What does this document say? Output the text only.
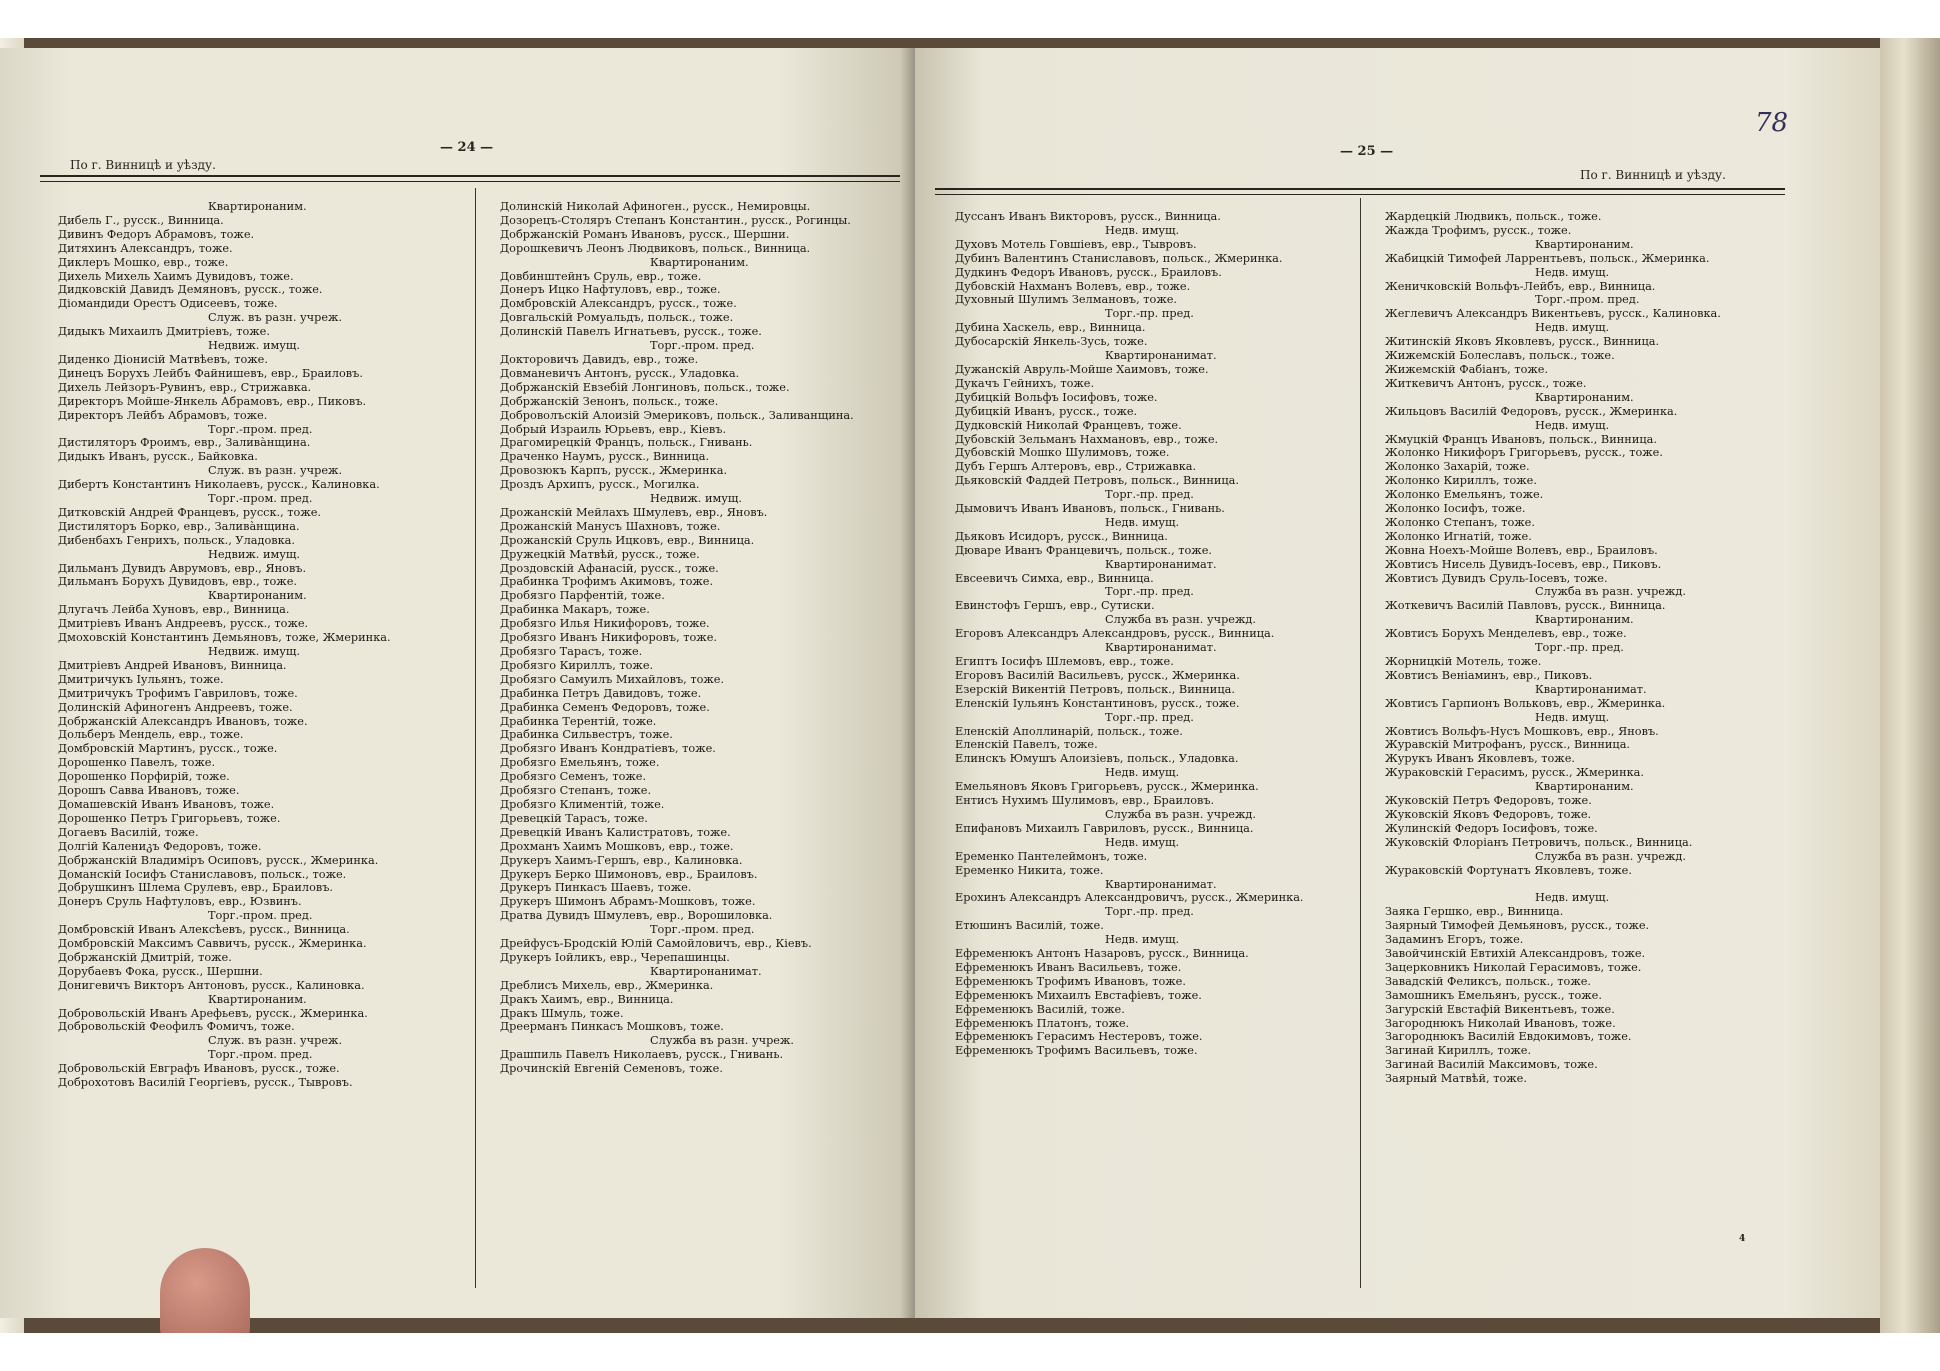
По г. Винницѣ и уѣзду.
— 24 —
Квартиронаним.
Дибель Г., русск., Винница.
Дивинъ Федоръ Абрамовъ, тоже.
Дитяхинъ Александръ, тоже.
Диклеръ Мошко, евр., тоже.
Дихель Михель Хаимъ Дувидовъ, тоже.
Дидковскій Давидъ Демяновъ, русск., тоже.
Діомандиди Орестъ Одисеевъ, тоже.
Служ. въ разн. учреж.
Дидыкъ Михаилъ Дмитріевъ, тоже.
Недвиж. имущ.
Диденко Діонисій Матвѣевъ, тоже.
Динецъ Борухъ Лейбъ Файнишевъ, евр., Браиловъ.
Дихель Лейзоръ-Рувинъ, евр., Стрижавка.
Директоръ Мойше-Янкель Абрамовъ, евр., Пиковъ.
Директоръ Лейбъ Абрамовъ, тоже.
Торг.-пром. пред.
Дистиляторъ Фроимъ, евр., Залива̀нщина.
Дидыкъ Иванъ, русск., Байковка.
Служ. въ разн. учреж.
Дибертъ Константинъ Николаевъ, русск., Калиновка.
Торг.-пром. пред.
Дитковскій Андрей Францевъ, русск., тоже.
Дистиляторъ Борко, евр., Залива̀нщина.
Дибенбахъ Генрихъ, польск., Уладовка.
Недвиж. имущ.
Дильманъ Дувидъ Аврумовъ, евр., Яновъ.
Дильманъ Борухъ Дувидовъ, евр., тоже.
Квартиронаним.
Длугачъ Лейба Хуновъ, евр., Винница.
Дмитріевъ Иванъ Андреевъ, русск., тоже.
Дмоховскій Константинъ Демьяновъ, тоже, Жмеринка.
Недвиж. имущ.
Дмитріевъ Андрей Ивановъ, Винница.
Дмитричукъ Іульянъ, тоже.
Дмитричукъ Трофимъ Гавриловъ, тоже.
Долинскій Афиногенъ Андреевъ, тоже.
Добржанскій Александръ Ивановъ, тоже.
Дольберъ Мендель, евр., тоже.
Домбровскій Мартинъ, русск., тоже.
Дорошенко Павелъ, тоже.
Дорошенко Порфирій, тоже.
Дорошъ Савва Ивановъ, тоже.
Домашевскій Иванъ Ивановъ, тоже.
Дорошенко Петръ Григорьевъ, тоже.
Догаевъ Василій, тоже.
Долгій Калениკъ Федоровъ, тоже.
Добржанскій Владиміръ Осиповъ, русск., Жмеринка.
Доманскій Іосифъ Станиславовъ, польск., тоже.
Добрушкинъ Шлема Срулевъ, евр., Браиловъ.
Донеръ Сруль Нафтуловъ, евр., Юзвинъ.
Торг.-пром. пред.
Домбровскій Иванъ Алексѣевъ, русск., Винница.
Домбровскій Максимъ Саввичъ, русск., Жмеринка.
Добржанскій Дмитрій, тоже.
Дорубаевъ Фока, русск., Шершни.
Донигевичъ Викторъ Антоновъ, русск., Калиновка.
Квартиронаним.
Добровольскій Иванъ Арефьевъ, русск., Жмеринка.
Добровольскій Феофилъ Фомичъ, тоже.
Служ. въ разн. учреж.
Торг.-пром. пред.
Добровольскій Евграфъ Ивановъ, русск., тоже.
Доброхотовъ Василій Георгіевъ, русск., Тывровъ.
Долинскій Николай Афиноген., русск., Немировцы.
Дозорецъ-Столяръ Степанъ Константин., русск., Рогинцы.
Добржанскій Романъ Ивановъ, русск., Шершни.
Дорошкевичъ Леонъ Людвиковъ, польск., Винница.
Квартиронаним.
Довбинштейнъ Сруль, евр., тоже.
Донеръ Ицко Нафтуловъ, евр., тоже.
Домбровскій Александръ, русск., тоже.
Довгальскій Ромуальдъ, польск., тоже.
Долинскій Павелъ Игнатьевъ, русск., тоже.
Торг.-пром. пред.
Докторовичъ Давидъ, евр., тоже.
Довманевичъ Антонъ, русск., Уладовка.
Добржанскій Евзебій Лонгиновъ, польск., тоже.
Добржанскій Зенонъ, польск., тоже.
Доброволъскій Алоизій Эмериковъ, польск., Заливанщина.
Добрый Израиль Юрьевъ, евр., Кіевъ.
Драгомирецкій Францъ, польск., Гнивань.
Драченко Наумъ, русск., Винница.
Дровозюкъ Карпъ, русск., Жмеринка.
Дроздъ Архипъ, русск., Могилка.
Недвиж. имущ.
Дрожанскій Мейлахъ Шмулевъ, евр., Яновъ.
Дрожанскій Манусъ Шахновъ, тоже.
Дрожанскій Сруль Ицковъ, евр., Винница.
Дружецкій Матвѣй, русск., тоже.
Дроздовскій Афанасій, русск., тоже.
Драбинка Трофимъ Акимовъ, тоже.
Дробязго Парфентій, тоже.
Драбинка Макаръ, тоже.
Дробязго Илья Никифоровъ, тоже.
Дробязго Иванъ Никифоровъ, тоже.
Дробязго Тарасъ, тоже.
Дробязго Кириллъ, тоже.
Дробязго Самуилъ Михайловъ, тоже.
Драбинка Петръ Давидовъ, тоже.
Драбинка Семенъ Федоровъ, тоже.
Драбинка Терентій, тоже.
Драбинка Сильвестръ, тоже.
Дробязго Иванъ Кондратіевъ, тоже.
Дробязго Емельянъ, тоже.
Дробязго Семенъ, тоже.
Дробязго Степанъ, тоже.
Дробязго Климентій, тоже.
Древецкій Тарасъ, тоже.
Древецкій Иванъ Калистратовъ, тоже.
Дрохманъ Хаимъ Мошковъ, евр., тоже.
Друкеръ Хаимъ-Гершъ, евр., Калиновка.
Друкеръ Берко Шимоновъ, евр., Браиловъ.
Друкеръ Пинкасъ Шаевъ, тоже.
Друкеръ Шимонъ Абрамъ-Мошковъ, тоже.
Дратва Дувидъ Шмулевъ, евр., Ворошиловка.
Торг.-пром. пред.
Дрейфусъ-Бродскій Юлій Самойловичъ, евр., Кіевъ.
Друкеръ Іойликъ, евр., Черепашинцы.
Квартиронанимат.
Дреблисъ Михель, евр., Жмеринка.
Дракъ Хаимъ, евр., Винница.
Дракъ Шмуль, тоже.
Дреерманъ Пинкасъ Мошковъ, тоже.
Служба въ разн. учреж.
Драшпиль Павелъ Николаевъ, русск., Гнивань.
Дрочинскій Евгеній Семеновъ, тоже.
— 25 —
По г. Винницѣ и уѣзду.
78
Дуссанъ Иванъ Викторовъ, русск., Винница.
Недв. имущ.
Духовъ Мотель Говшіевъ, евр., Тывровъ.
Дубинъ Валентинъ Станиславовъ, польск., Жмеринка.
Дудкинъ Федоръ Ивановъ, русск., Браиловъ.
Дубовскій Нахманъ Волевъ, евр., тоже.
Духовный Шулимъ Зелмановъ, тоже.
Торг.-пр. пред.
Дубина Хаскель, евр., Винница.
Дубосарскій Янкель-Зусь, тоже.
Квартиронанимат.
Дужанскій Авруль-Мойше Хаимовъ, тоже.
Дукачъ Гейнихъ, тоже.
Дубицкій Вольфъ Іосифовъ, тоже.
Дубицкій Иванъ, русск., тоже.
Дудковскій Николай Францевъ, тоже.
Дубовскій Зельманъ Нахмановъ, евр., тоже.
Дубовскій Мошко Шулимовъ, тоже.
Дубъ Гершъ Алтеровъ, евр., Стрижавка.
Дьяковскій Фаддей Петровъ, польск., Винница.
Торг.-пр. пред.
Дымовичъ Иванъ Ивановъ, польск., Гнивань.
Недв. имущ.
Дьяковъ Исидоръ, русск., Винница.
Дюваре Иванъ Францевичъ, польск., тоже.
Квартиронанимат.
Евсеевичъ Симха, евр., Винница.
Торг.-пр. пред.
Евинстофъ Гершъ, евр., Сутиски.
Служба въ разн. учрежд.
Егоровъ Александръ Александровъ, русск., Винница.
Квартиронанимат.
Египтъ Іосифъ Шлемовъ, евр., тоже.
Егоровъ Василій Васильевъ, русск., Жмеринка.
Езерскій Викентій Петровъ, польск., Винница.
Еленскій Іульянъ Константиновъ, русск., тоже.
Торг.-пр. пред.
Еленскій Аполлинарій, польск., тоже.
Еленскій Павелъ, тоже.
Елинскъ Юмушъ Алоизіевъ, польск., Уладовка.
Недв. имущ.
Емельяновъ Яковъ Григорьевъ, русск., Жмеринка.
Ентисъ Нухимъ Шулимовъ, евр., Браиловъ.
Служба въ разн. учрежд.
Епифановъ Михаилъ Гавриловъ, русск., Винница.
Недв. имущ.
Еременко Пантелеймонъ, тоже.
Еременко Никита, тоже.
Квартиронанимат.
Ерохинъ Александръ Александровичъ, русск., Жмеринка.
Торг.-пр. пред.
Етюшинъ Василій, тоже.
Недв. имущ.
Ефременюкъ Антонъ Назаровъ, русск., Винница.
Ефременюкъ Иванъ Васильевъ, тоже.
Ефременюкъ Трофимъ Ивановъ, тоже.
Ефременюкъ Михаилъ Евстафіевъ, тоже.
Ефременюкъ Василій, тоже.
Ефременюкъ Платонъ, тоже.
Ефременюкъ Герасимъ Нестеровъ, тоже.
Ефременюкъ Трофимъ Васильевъ, тоже.
Жардецкій Людвикъ, польск., тоже.
Жажда Трофимъ, русск., тоже.
Квартиронаним.
Жабицкій Тимофей Ларрентьевъ, польск., Жмеринка.
Недв. имущ.
Женичковскій Вольфъ-Лейбъ, евр., Винница.
Торг.-пром. пред.
Жеглевичъ Александръ Викентьевъ, русск., Калиновка.
Недв. имущ.
Житинскій Яковъ Яковлевъ, русск., Винница.
Жижемскій Болеславъ, польск., тоже.
Жижемскій Фабіанъ, тоже.
Житкевичъ Антонъ, русск., тоже.
Квартиронаним.
Жильцовъ Василій Федоровъ, русск., Жмеринка.
Недв. имущ.
Жмуцкій Францъ Ивановъ, польск., Винница.
Жолонко Никифоръ Григорьевъ, русск., тоже.
Жолонко Захарій, тоже.
Жолонко Кириллъ, тоже.
Жолонко Емельянъ, тоже.
Жолонко Іосифъ, тоже.
Жолонко Степанъ, тоже.
Жолонко Игнатій, тоже.
Жовна Ноехъ-Мойше Волевъ, евр., Браиловъ.
Жовтисъ Нисель Дувидъ-Іосевъ, евр., Пиковъ.
Жовтисъ Дувидъ Сруль-Іосевъ, тоже.
Служба въ разн. учрежд.
Жоткевичъ Василій Павловъ, русск., Винница.
Квартиронаним.
Жовтисъ Борухъ Менделевъ, евр., тоже.
Торг.-пр. пред.
Жорницкій Мотель, тоже.
Жовтисъ Веніаминъ, евр., Пиковъ.
Квартиронанимат.
Жовтисъ Гарпионъ Вольковъ, евр., Жмеринка.
Недв. имущ.
Жовтисъ Вольфъ-Нусъ Мошковъ, евр., Яновъ.
Журавскій Митрофанъ, русск., Винница.
Журукъ Иванъ Яковлевъ, тоже.
Жураковскій Герасимъ, русск., Жмеринка.
Квартиронаним.
Жуковскій Петръ Федоровъ, тоже.
Жуковскій Яковъ Федоровъ, тоже.
Жулинскій Федоръ Іосифовъ, тоже.
Жуковскій Флоріанъ Петровичъ, польск., Винница.
Служба въ разн. учрежд.
Жураковскій Фортунатъ Яковлевъ, тоже.

Недв. имущ.
Заяка Гершко, евр., Винница.
Заярный Тимофей Демьяновъ, русск., тоже.
Задаминъ Егоръ, тоже.
Завойчинскій Евтихій Александровъ, тоже.
Зацерковникъ Николай Герасимовъ, тоже.
Завадскій Феликсъ, польск., тоже.
Замошникъ Емельянъ, русск., тоже.
Загурскій Евстафій Викентьевъ, тоже.
Загороднюкъ Николай Ивановъ, тоже.
Загороднюкъ Василій Евдокимовъ, тоже.
Загинай Кириллъ, тоже.
Загинай Василій Максимовъ, тоже.
Заярный Матвѣй, тоже.
4
